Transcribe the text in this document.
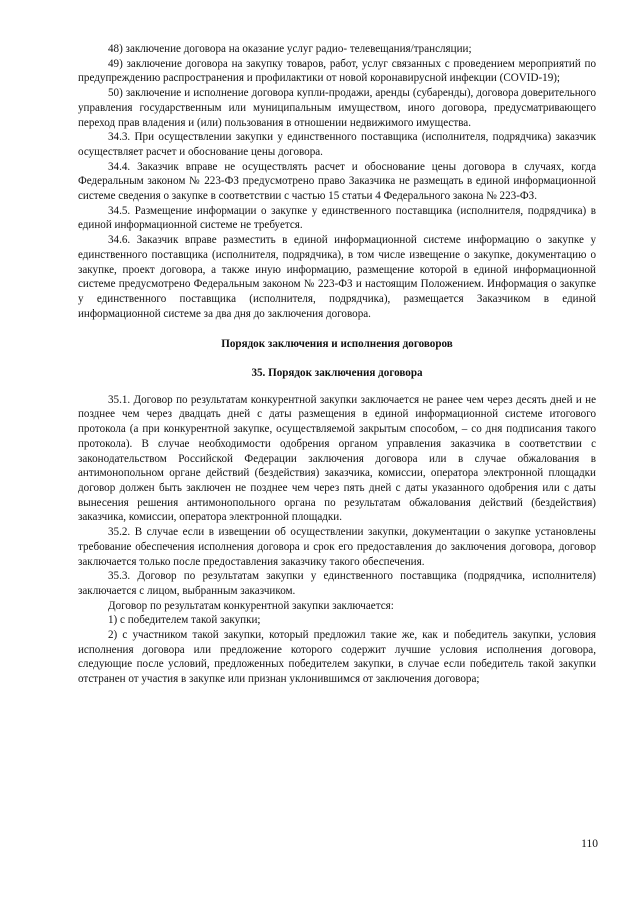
48) заключение договора на оказание услуг радио- телевещания/трансляции;

49) заключение договора на закупку товаров, работ, услуг связанных с проведением мероприятий по предупреждению распространения и профилактики от новой коронавирусной инфекции (COVID-19);

50) заключение и исполнение договора купли-продажи, аренды (субаренды), договора доверительного управления государственным или муниципальным имуществом, иного договора, предусматривающего переход прав владения и (или) пользования в отношении недвижимого имущества.

34.3. При осуществлении закупки у единственного поставщика (исполнителя, подрядчика) заказчик осуществляет расчет и обоснование цены договора.

34.4. Заказчик вправе не осуществлять расчет и обоснование цены договора в случаях, когда Федеральным законом № 223-ФЗ предусмотрено право Заказчика не размещать в единой информационной системе сведения о закупке в соответствии с частью 15 статьи 4 Федерального закона № 223-ФЗ.

34.5. Размещение информации о закупке у единственного поставщика (исполнителя, подрядчика) в единой информационной системе не требуется.

34.6. Заказчик вправе разместить в единой информационной системе информацию о закупке у единственного поставщика (исполнителя, подрядчика), в том числе извещение о закупке, документацию о закупке, проект договора, а также иную информацию, размещение которой в единой информационной системе предусмотрено Федеральным законом № 223-ФЗ и настоящим Положением. Информация о закупке у единственного поставщика (исполнителя, подрядчика), размещается Заказчиком в единой информационной системе за два дня до заключения договора.

Порядок заключения и исполнения договоров

35. Порядок заключения договора

35.1. Договор по результатам конкурентной закупки заключается не ранее чем через десять дней и не позднее чем через двадцать дней с даты размещения в единой информационной системе итогового протокола (а при конкурентной закупке, осуществляемой закрытым способом, – со дня подписания такого протокола). В случае необходимости одобрения органом управления заказчика в соответствии с законодательством Российской Федерации заключения договора или в случае обжалования в антимонопольном органе действий (бездействия) заказчика, комиссии, оператора электронной площадки договор должен быть заключен не позднее чем через пять дней с даты указанного одобрения или с даты вынесения решения антимонопольного органа по результатам обжалования действий (бездействия) заказчика, комиссии, оператора электронной площадки.

35.2. В случае если в извещении об осуществлении закупки, документации о закупке установлены требование обеспечения исполнения договора и срок его предоставления до заключения договора, договор заключается только после предоставления заказчику такого обеспечения.

35.3. Договор по результатам закупки у единственного поставщика (подрядчика, исполнителя) заключается с лицом, выбранным заказчиком.

Договор по результатам конкурентной закупки заключается:

1) с победителем такой закупки;

2) с участником такой закупки, который предложил такие же, как и победитель закупки, условия исполнения договора или предложение которого содержит лучшие условия исполнения договора, следующие после условий, предложенных победителем закупки, в случае если победитель такой закупки отстранен от участия в закупке или признан уклонившимся от заключения договора;

110
